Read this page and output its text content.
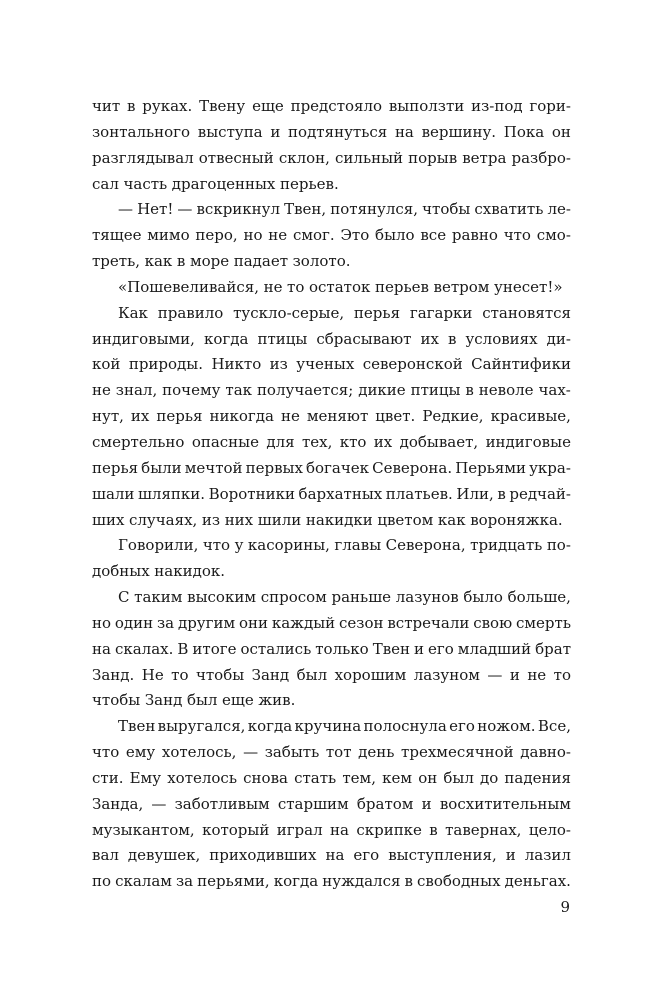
чит в руках. Твену еще предстояло выползти из-под гори-
зонтального выступа и подтянуться на вершину. Пока он
разглядывал отвесный склон, сильный порыв ветра разбро-
сал часть драгоценных перьев.
— Нет! — вскрикнул Твен, потянулся, чтобы схватить ле-
тящее мимо перо, но не смог. Это было все равно что смо-
треть, как в море падает золото.
«Пошевеливайся, не то остаток перьев ветром унесет!»
Как правило тускло-серые, перья гагарки становятся
индиговыми, когда птицы сбрасывают их в условиях ди-
кой природы. Никто из ученых северонской Сайнтифики
не знал, почему так получается; дикие птицы в неволе чах-
нут, их перья никогда не меняют цвет. Редкие, красивые,
смертельно опасные для тех, кто их добывает, индиговые
перья были мечтой первых богачек Северона. Перьями укра-
шали шляпки. Воротники бархатных платьев. Или, в редчай-
ших случаях, из них шили накидки цветом как вороняжка.
Говорили, что у касорины, главы Северона, тридцать по-
добных накидок.
С таким высоким спросом раньше лазунов было больше,
но один за другим они каждый сезон встречали свою смерть
на скалах. В итоге остались только Твен и его младший брат
Занд. Не то чтобы Занд был хорошим лазуном — и не то
чтобы Занд был еще жив.
Твен выругался, когда кручина полоснула его ножом. Все,
что ему хотелось, — забыть тот день трехмесячной давно-
сти. Ему хотелось снова стать тем, кем он был до падения
Занда, — заботливым старшим братом и восхитительным
музыкантом, который играл на скрипке в тавернах, цело-
вал девушек, приходивших на его выступления, и лазил
по скалам за перьями, когда нуждался в свободных деньгах.
9
